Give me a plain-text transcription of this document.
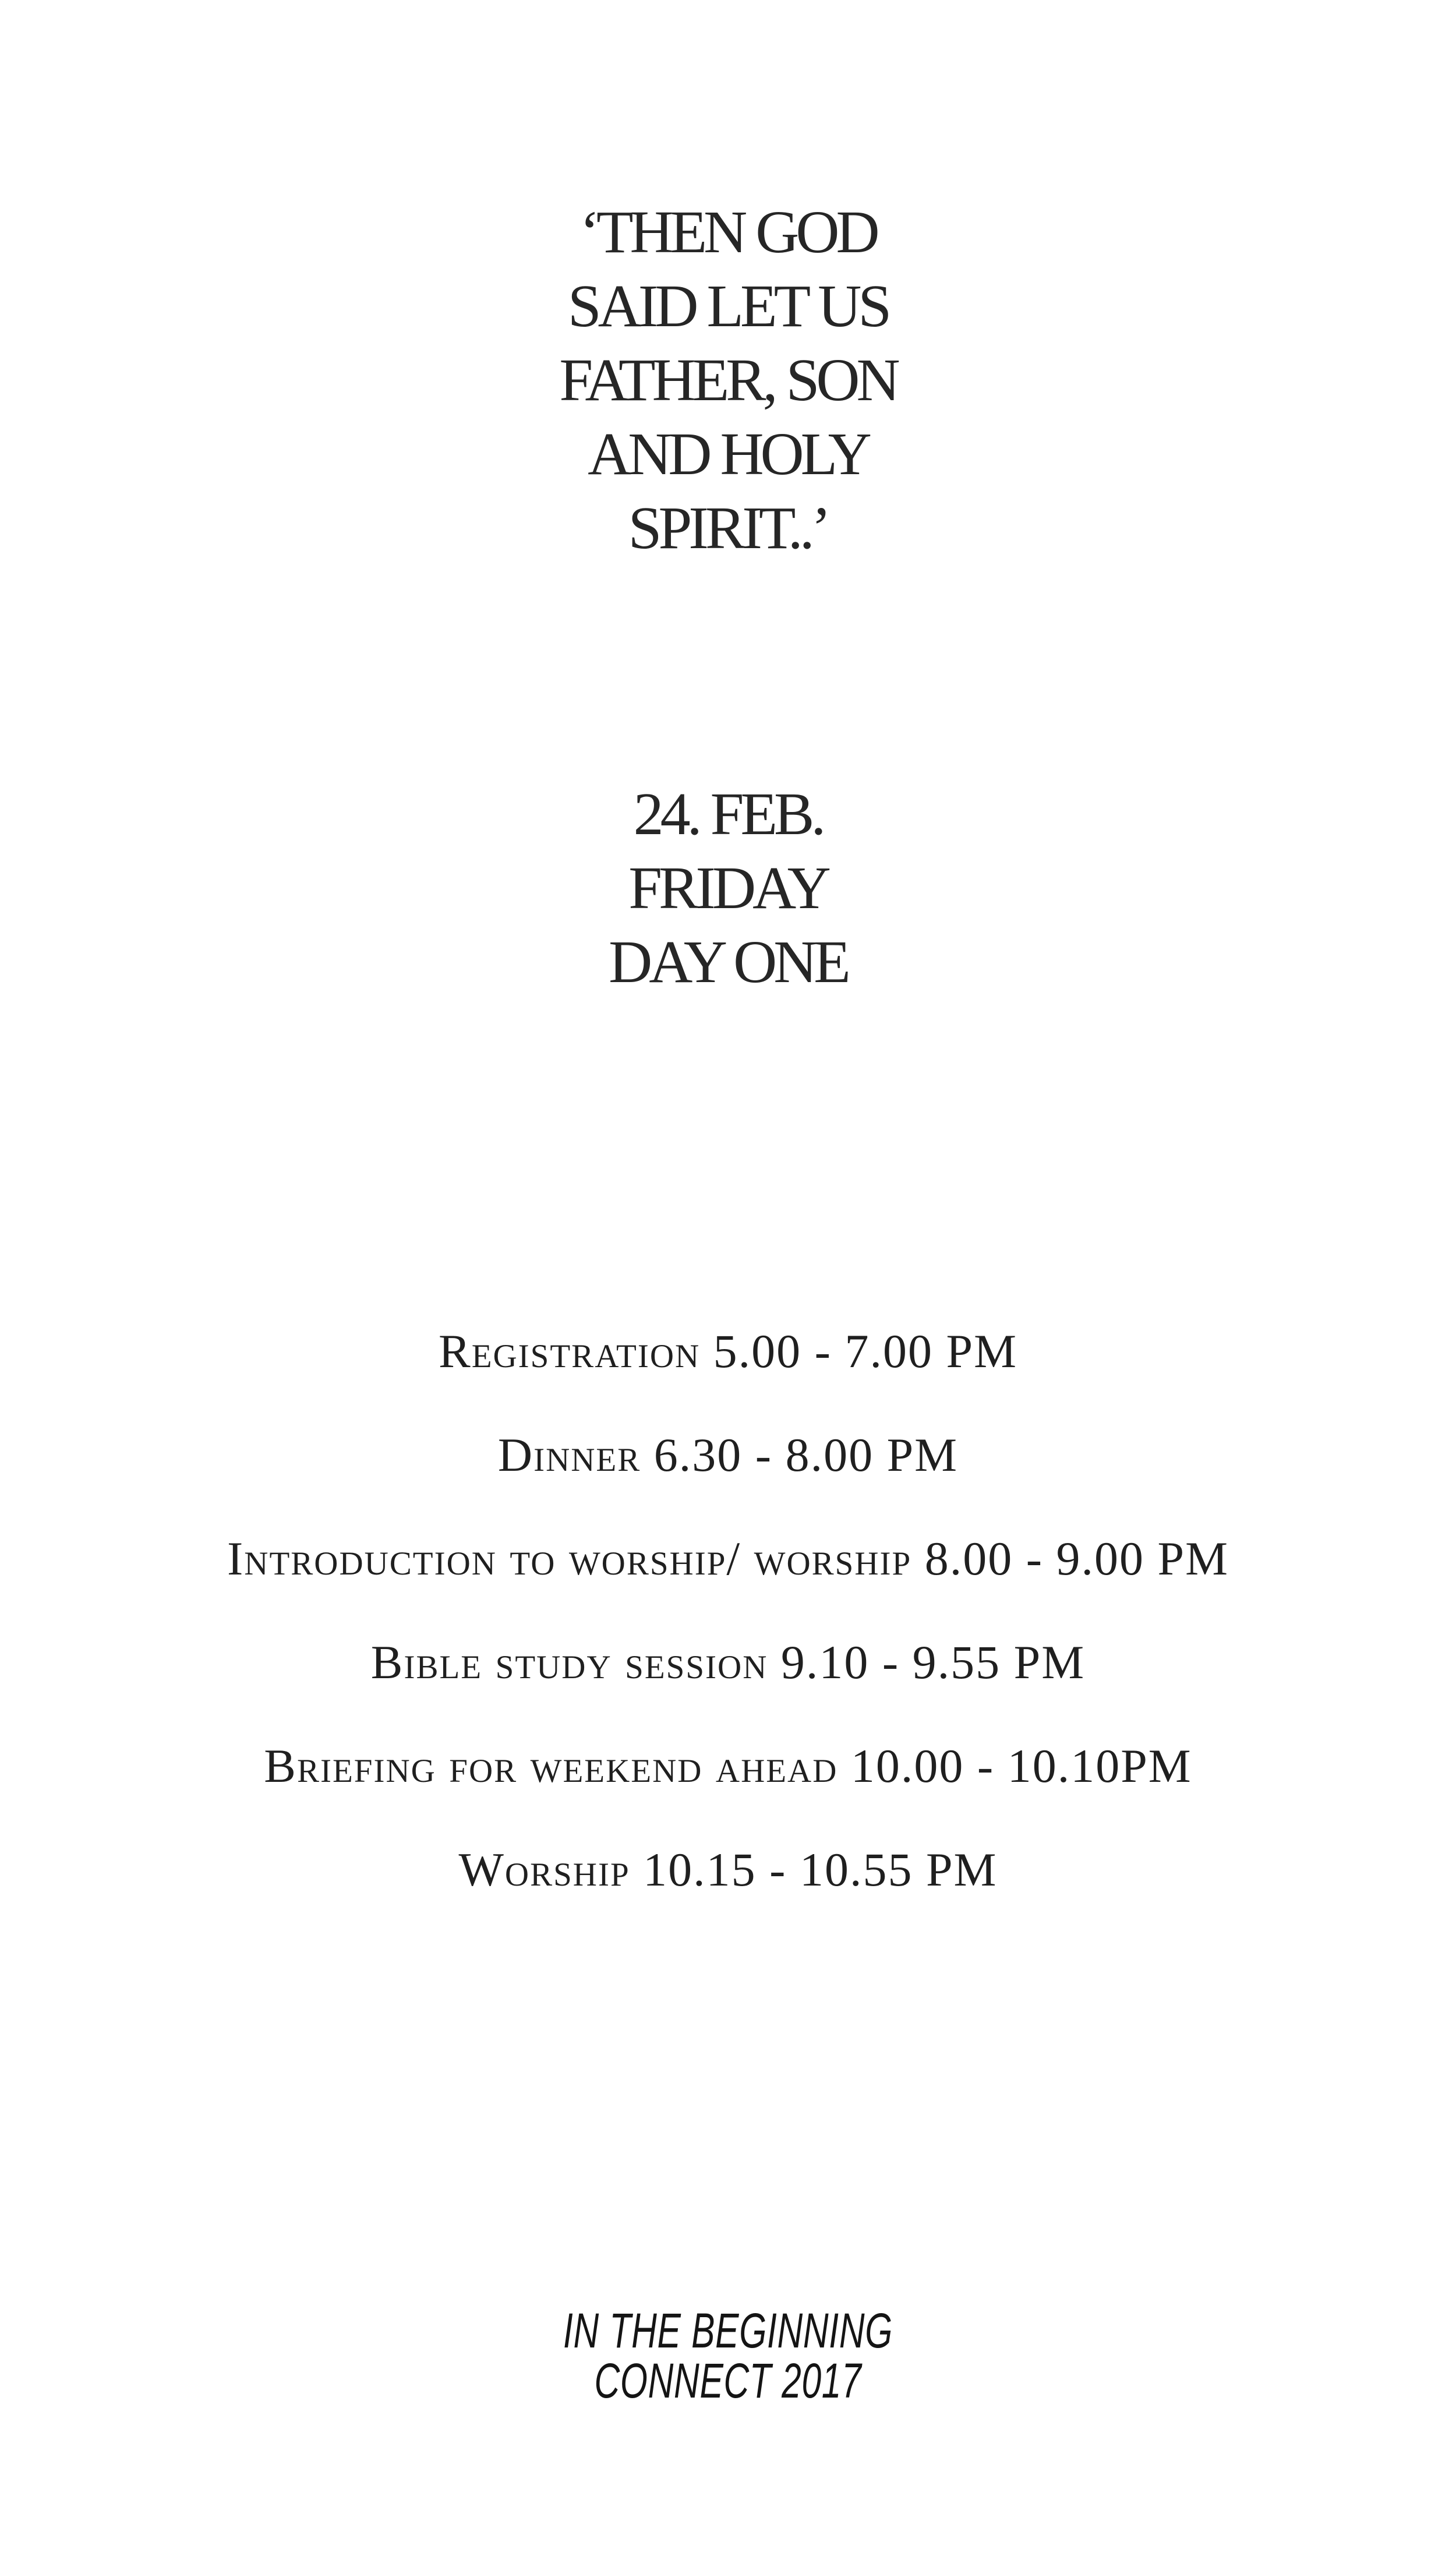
‘THEN GOD
SAID LET US
FATHER, SON
AND HOLY
SPIRIT..’
24. FEB.
FRIDAY
DAY ONE
Registration 5.00 - 7.00 PM
Dinner 6.30 - 8.00 PM
Introduction to worship/ worship 8.00 - 9.00 PM
Bible study session 9.10 - 9.55 PM
Briefing for weekend ahead 10.00 - 10.10PM
Worship 10.15 - 10.55 PM
IN THE BEGINNING
CONNECT 2017
